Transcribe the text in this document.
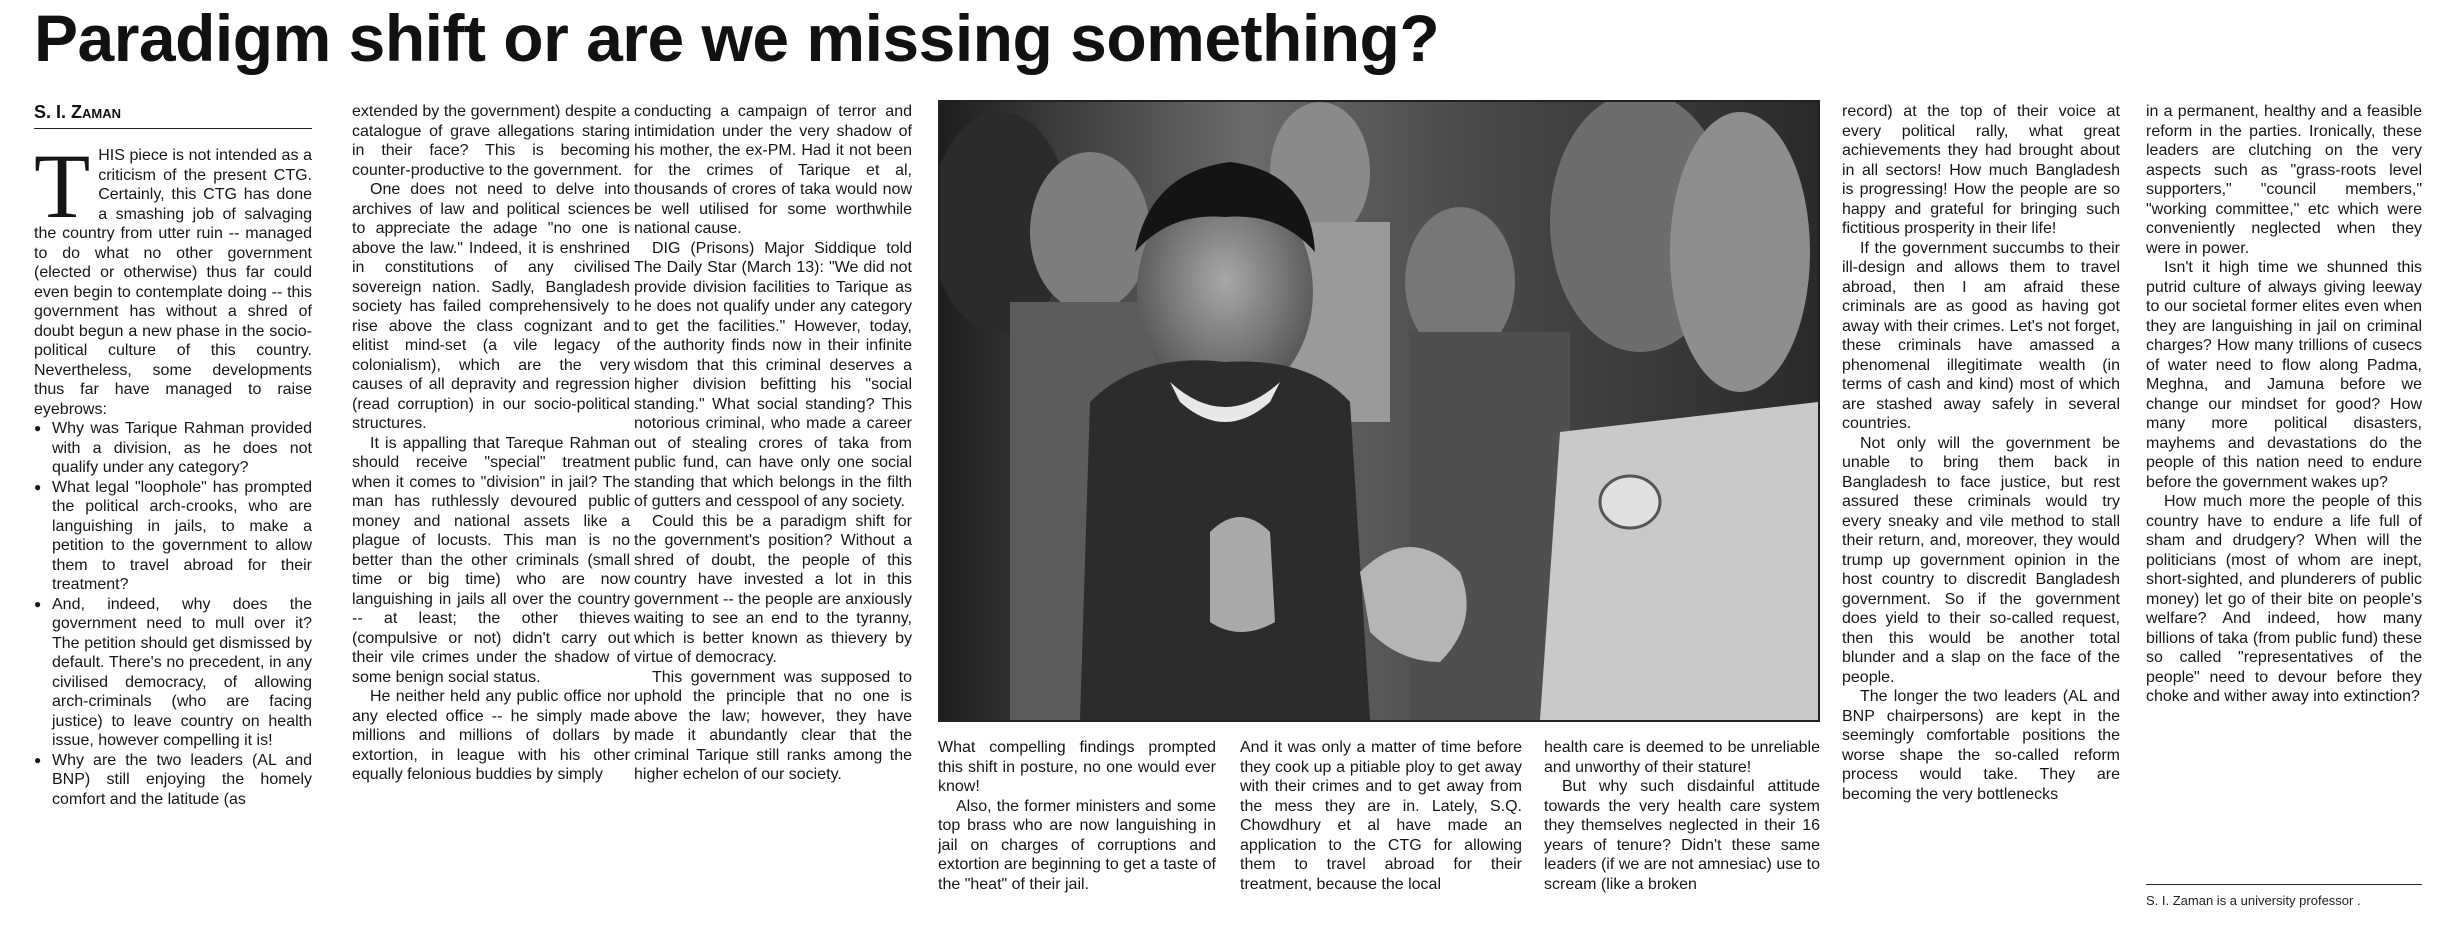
Paradigm shift or are we missing something?
S. I. Zaman
T HIS piece is not intended as a criticism of the present CTG. Certainly, this CTG has done a smashing job of salvaging the country from utter ruin -- managed to do what no other government (elected or otherwise) thus far could even begin to contemplate doing -- this government has without a shred of doubt begun a new phase in the socio-political culture of this country. Nevertheless, some developments thus far have managed to raise eyebrows:

● Why was Tarique Rahman provided with a division, as he does not qualify under any category?
● What legal "loophole" has prompted the political arch-crooks, who are languishing in jails, to make a petition to the government to allow them to travel abroad for their treatment?
● And, indeed, why does the government need to mull over it? The petition should get dismissed by default. There's no precedent, in any civilised democracy, of allowing arch-criminals (who are facing justice) to leave country on health issue, however compelling it is!
● Why are the two leaders (AL and BNP) still enjoying the homely comfort and the latitude (as

extended by the government) despite a catalogue of grave allegations staring in their face? This is becoming counter-productive to the government.

One does not need to delve into archives of law and political sciences to appreciate the adage "no one is above the law." Indeed, it is enshrined in constitutions of any civilised sovereign nation. Sadly, Bangladesh society has failed comprehensively to rise above the class cognizant and elitist mind-set (a vile legacy of colonialism), which are the very causes of all depravity and regression (read corruption) in our socio-political structures.

It is appalling that Tareque Rahman should receive "special" treatment when it comes to "division" in jail? The man has ruthlessly devoured public money and national assets like a plague of locusts. This man is no better than the other criminals (small time or big time) who are now languishing in jails all over the country -- at least; the other thieves (compulsive or not) didn't carry out their vile crimes under the shadow of some benign social status.

He neither held any public office nor any elected office -- he simply made millions and millions of dollars by extortion, in league with his other equally felonious buddies by simply

conducting a campaign of terror and intimidation under the very shadow of his mother, the ex-PM. Had it not been for the crimes of Tarique et al, thousands of crores of taka would now be well utilised for some worthwhile national cause.

DIG (Prisons) Major Siddique told The Daily Star (March 13): "We did not provide division facilities to Tarique as he does not qualify under any category to get the facilities." However, today, the authority finds now in their infinite wisdom that this criminal deserves a higher division befitting his "social standing." What social standing? This notorious criminal, who made a career out of stealing crores of taka from public fund, can have only one social standing that which belongs in the filth of gutters and cesspool of any society.

Could this be a paradigm shift for the government's position? Without a shred of doubt, the people of this country have invested a lot in this government -- the people are anxiously waiting to see an end to the tyranny, which is better known as thievery by virtue of democracy.

This government was supposed to uphold the principle that no one is above the law; however, they have made it abundantly clear that the criminal Tarique still ranks among the higher echelon of our society.

What compelling findings prompted this shift in posture, no one would ever know!

Also, the former ministers and some top brass who are now languishing in jail on charges of corruptions and extortion are beginning to get a taste of the "heat" of their jail.

And it was only a matter of time before they cook up a pitiable ploy to get away with their crimes and to get away from the mess they are in. Lately, S.Q. Chowdhury et al have made an application to the CTG for allowing them to travel abroad for their treatment, because the local

health care is deemed to be unreliable and unworthy of their stature!

But why such disdainful attitude towards the very health care system they themselves neglected in their 16 years of tenure? Didn't these same leaders (if we are not amnesiac) use to scream (like a broken

record) at the top of their voice at every political rally, what great achievements they had brought about in all sectors! How much Bangladesh is progressing! How the people are so happy and grateful for bringing such fictitious prosperity in their life!

If the government succumbs to their ill-design and allows them to travel abroad, then I am afraid these criminals are as good as having got away with their crimes. Let's not forget, these criminals have amassed a phenomenal illegitimate wealth (in terms of cash and kind) most of which are stashed away safely in several countries.

Not only will the government be unable to bring them back in Bangladesh to face justice, but rest assured these criminals would try every sneaky and vile method to stall their return, and, moreover, they would trump up government opinion in the host country to discredit Bangladesh government. So if the government does yield to their so-called request, then this would be another total blunder and a slap on the face of the people.

The longer the two leaders (AL and BNP chairpersons) are kept in the seemingly comfortable positions the worse shape the so-called reform process would take. They are becoming the very bottlenecks

in a permanent, healthy and a feasible reform in the parties. Ironically, these leaders are clutching on the very aspects such as "grass-roots level supporters," "council members," "working committee," etc which were conveniently neglected when they were in power.

Isn't it high time we shunned this putrid culture of always giving leeway to our societal former elites even when they are languishing in jail on criminal charges? How many trillions of cusecs of water need to flow along Padma, Meghna, and Jamuna before we change our mindset for good? How many more political disasters, mayhems and devastations do the people of this nation need to endure before the government wakes up?

How much more the people of this country have to endure a life full of sham and drudgery? When will the politicians (most of whom are inept, short-sighted, and plunderers of public money) let go of their bite on people's welfare? And indeed, how many billions of taka (from public fund) these so called "representatives of the people" need to devour before they choke and wither away into extinction?

S. I. Zaman is a university professor .
